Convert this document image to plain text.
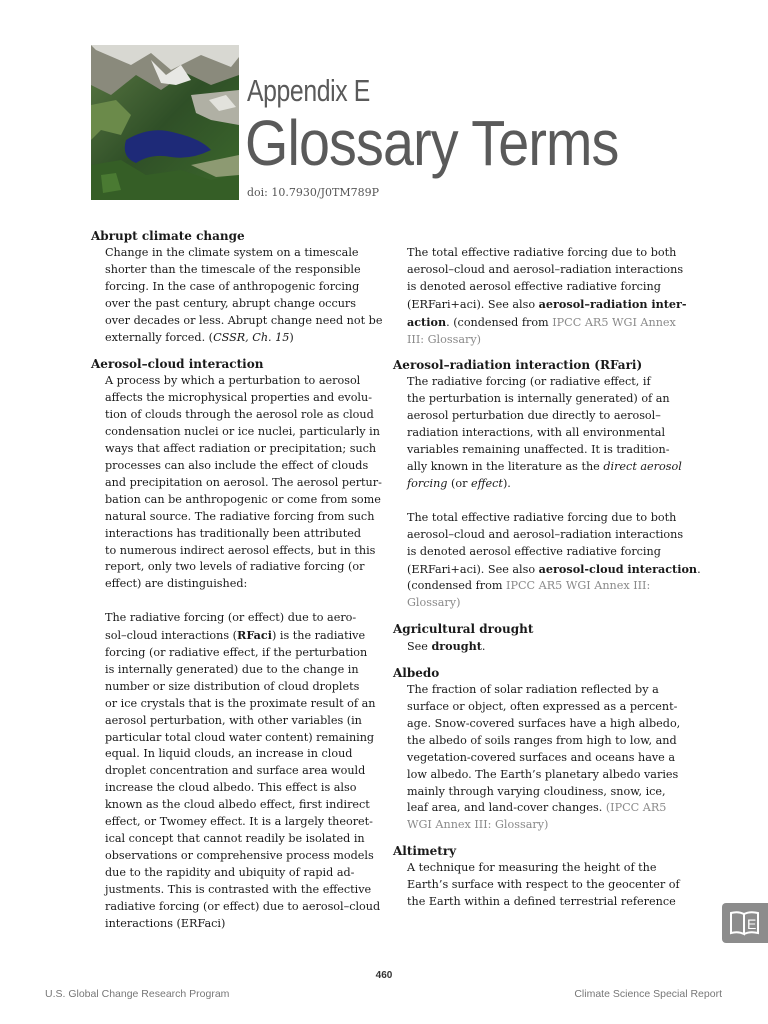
Appendix E
Glossary Terms
doi: 10.7930/J0TM789P
Abrupt climate change
Change in the climate system on a timescale
shorter than the timescale of the responsible
forcing. In the case of anthropogenic forcing
over the past century, abrupt change occurs
over decades or less. Abrupt change need not be
externally forced. (CSSR, Ch. 15)
Aerosol–cloud interaction
A process by which a perturbation to aerosol
affects the microphysical properties and evolu-
tion of clouds through the aerosol role as cloud
condensation nuclei or ice nuclei, particularly in
ways that affect radiation or precipitation; such
processes can also include the effect of clouds
and precipitation on aerosol. The aerosol pertur-
bation can be anthropogenic or come from some
natural source. The radiative forcing from such
interactions has traditionally been attributed
to numerous indirect aerosol effects, but in this
report, only two levels of radiative forcing (or
effect) are distinguished:
The radiative forcing (or effect) due to aero-
sol–cloud interactions (RFaci) is the radiative
forcing (or radiative effect, if the perturbation
is internally generated) due to the change in
number or size distribution of cloud droplets
or ice crystals that is the proximate result of an
aerosol perturbation, with other variables (in
particular total cloud water content) remaining
equal. In liquid clouds, an increase in cloud
droplet concentration and surface area would
increase the cloud albedo. This effect is also
known as the cloud albedo effect, first indirect
effect, or Twomey effect. It is a largely theoret-
ical concept that cannot readily be isolated in
observations or comprehensive process models
due to the rapidity and ubiquity of rapid ad-
justments. This is contrasted with the effective
radiative forcing (or effect) due to aerosol–cloud
interactions (ERFaci)
The total effective radiative forcing due to both
aerosol–cloud and aerosol–radiation interactions
is denoted aerosol effective radiative forcing
(ERFari+aci). See also aerosol–radiation inter-
action. (condensed from IPCC AR5 WGI Annex
III: Glossary)
Aerosol–radiation interaction (RFari)
The radiative forcing (or radiative effect, if
the perturbation is internally generated) of an
aerosol perturbation due directly to aerosol–
radiation interactions, with all environmental
variables remaining unaffected. It is tradition-
ally known in the literature as the direct aerosol
forcing (or effect).
The total effective radiative forcing due to both
aerosol–cloud and aerosol–radiation interactions
is denoted aerosol effective radiative forcing
(ERFari+aci). See also aerosol-cloud interaction.
(condensed from IPCC AR5 WGI Annex III:
Glossary)
Agricultural drought
See drought.
Albedo
The fraction of solar radiation reflected by a
surface or object, often expressed as a percent-
age. Snow-covered surfaces have a high albedo,
the albedo of soils ranges from high to low, and
vegetation-covered surfaces and oceans have a
low albedo. The Earth’s planetary albedo varies
mainly through varying cloudiness, snow, ice,
leaf area, and land-cover changes. (IPCC AR5
WGI Annex III: Glossary)
Altimetry
A technique for measuring the height of the
Earth’s surface with respect to the geocenter of
the Earth within a defined terrestrial reference
E
460
U.S. Global Change Research Program	Climate Science Special Report
